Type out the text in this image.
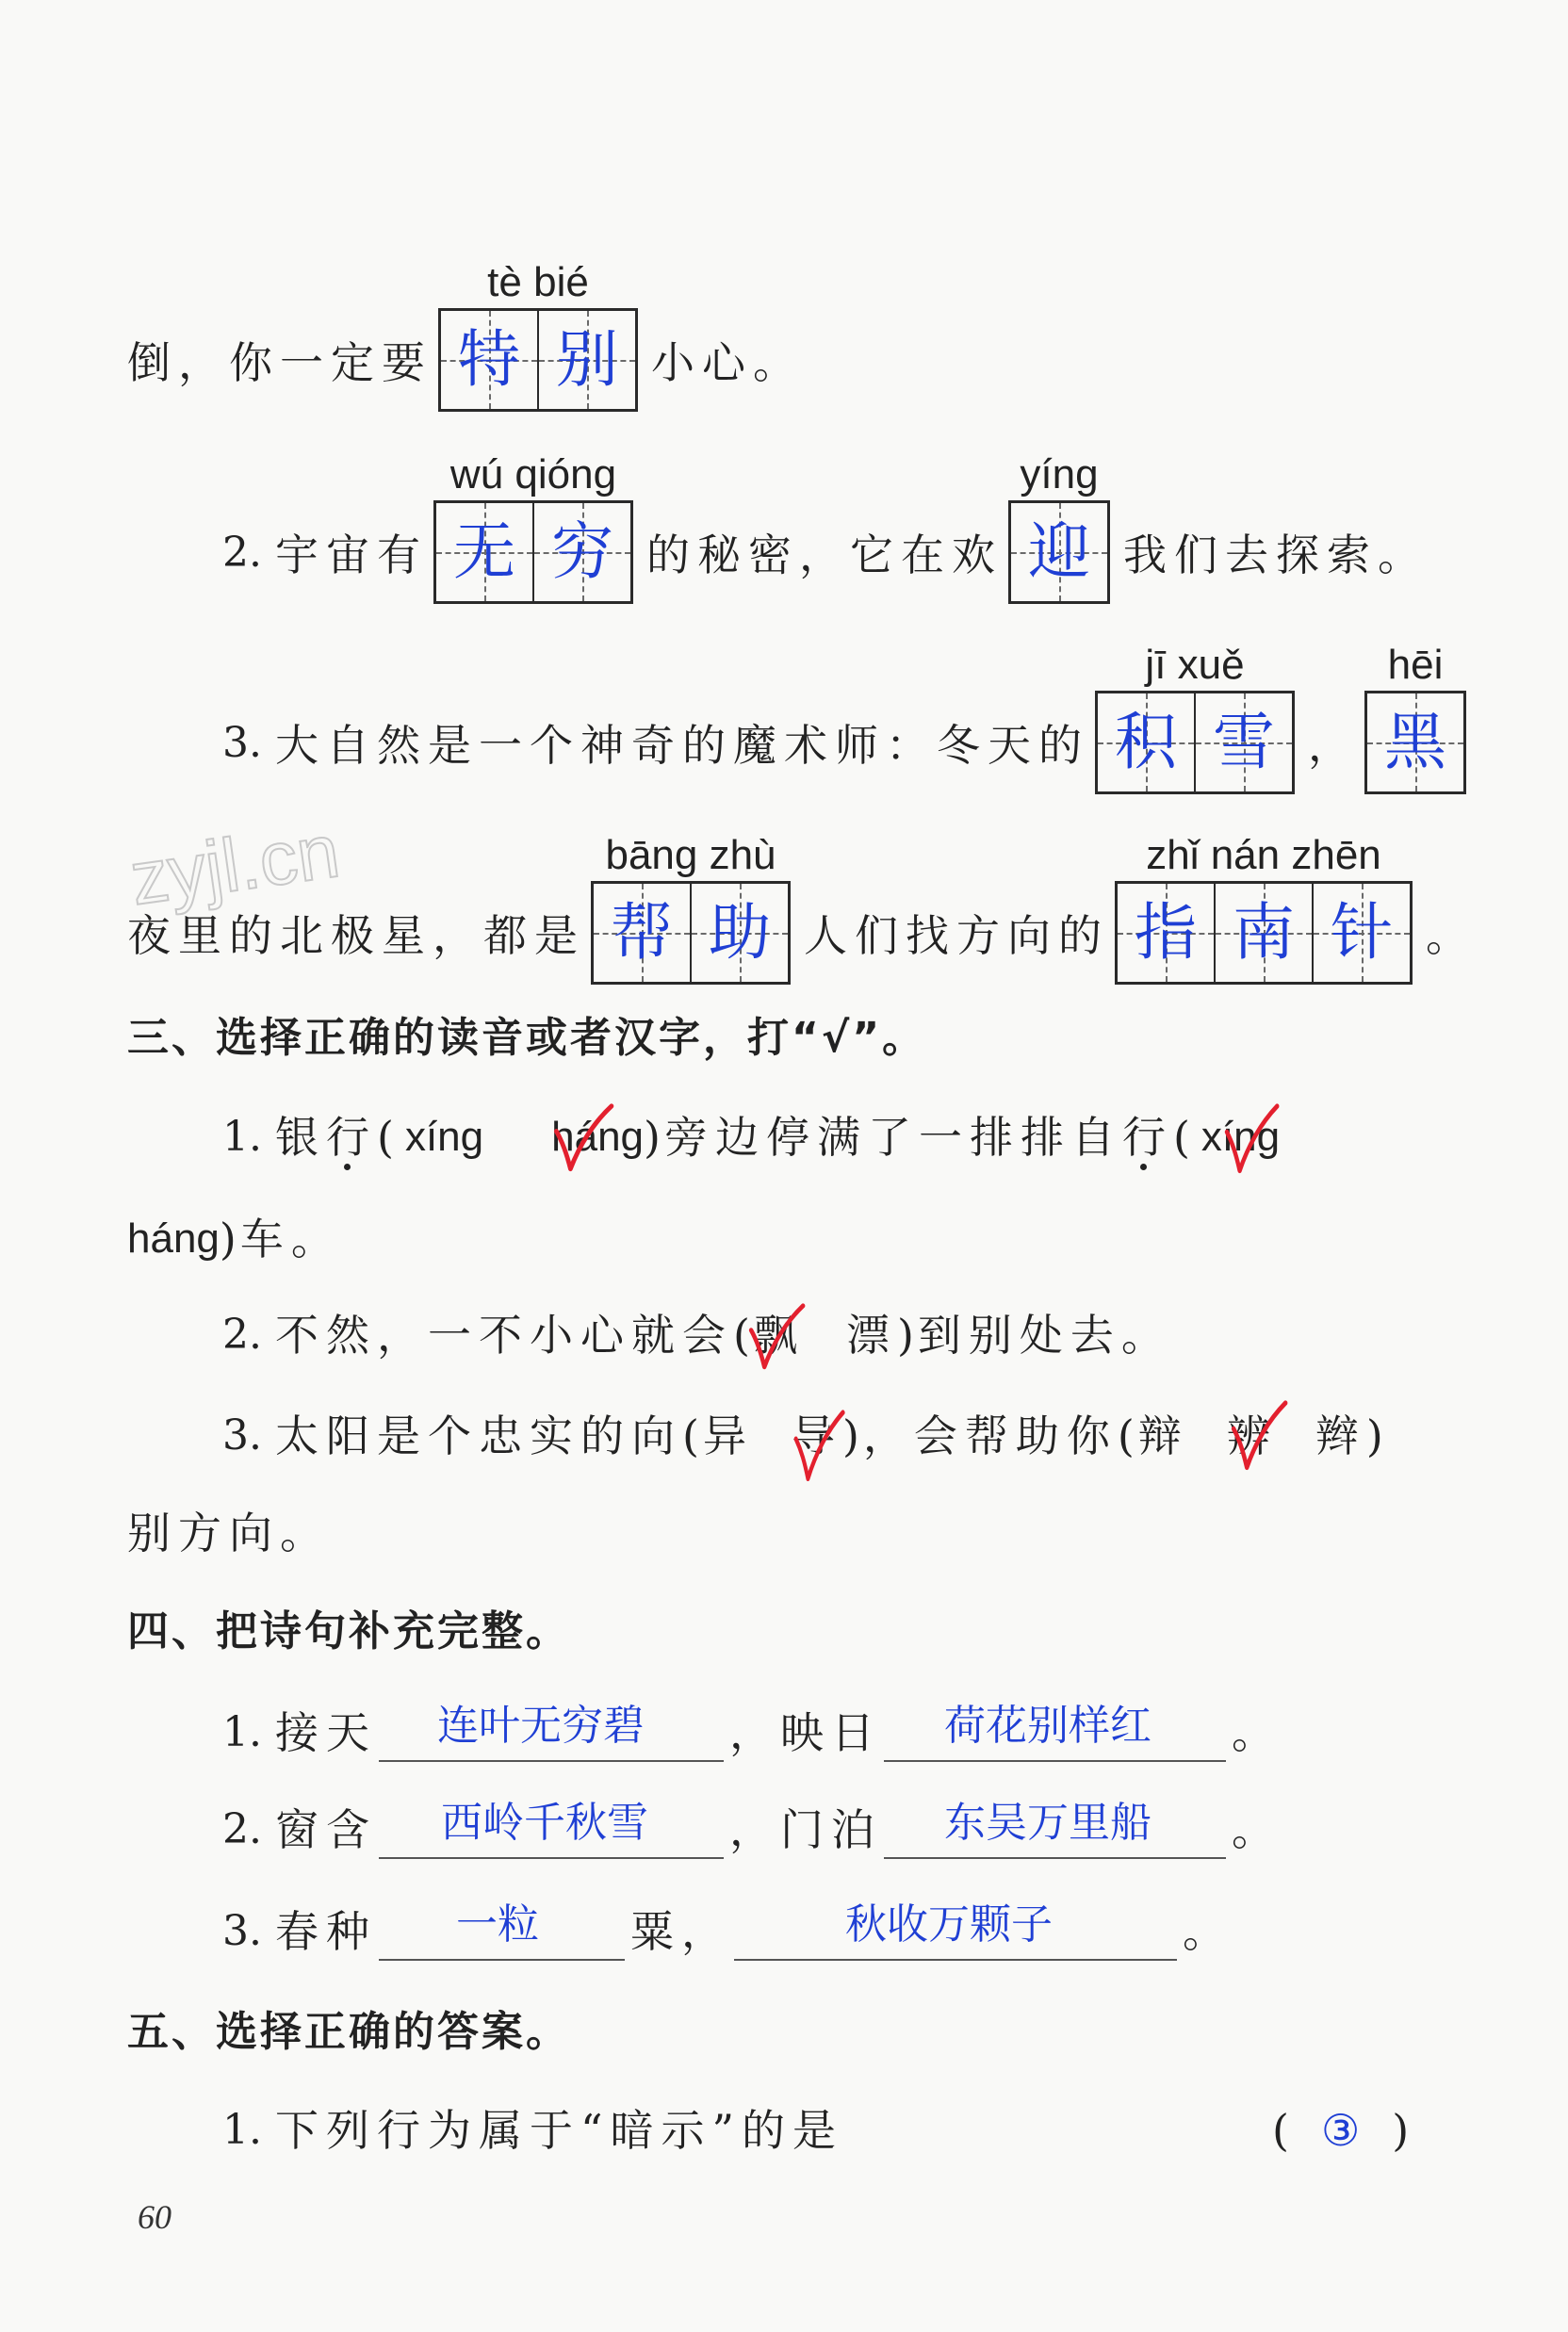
zyjl.cn
倒，你一定要
tè bié
特 别 小心。
2. 宇宙有
wú qióng
无 穷 的秘密，它在欢
yíng
迎 我们去探索。
3. 大自然是一个神奇的魔术师：冬天的
jī xuě
积 雪 ，
hēi
黑
夜里的北极星，都是
bāng zhù
帮 助 人们找方向的
zhǐ nán zhēn
指 南 针 。
三、选择正确的读音或者汉字，打“√”。
1. 银 行 ( xíng háng ) 旁边停满了一排排自 行 ( xíng
háng ) 车。
2. 不然，一不小心就会 ( 飘 漂 ) 到别处去。
3. 太阳是个忠实的向 ( 异 导 ) ，会帮助你 ( 辩 辨 辫 )
别方向。
四、把诗句补充完整。
1. 接天 连叶无穷碧 ，映日 荷花别样红 。
2. 窗含 西岭千秋雪 ，门泊 东吴万里船 。
3. 春种 一粒 粟，	秋收万颗子	。
五、选择正确的答案。
1. 下列行为属于“暗示”的是	( ③ )
60
